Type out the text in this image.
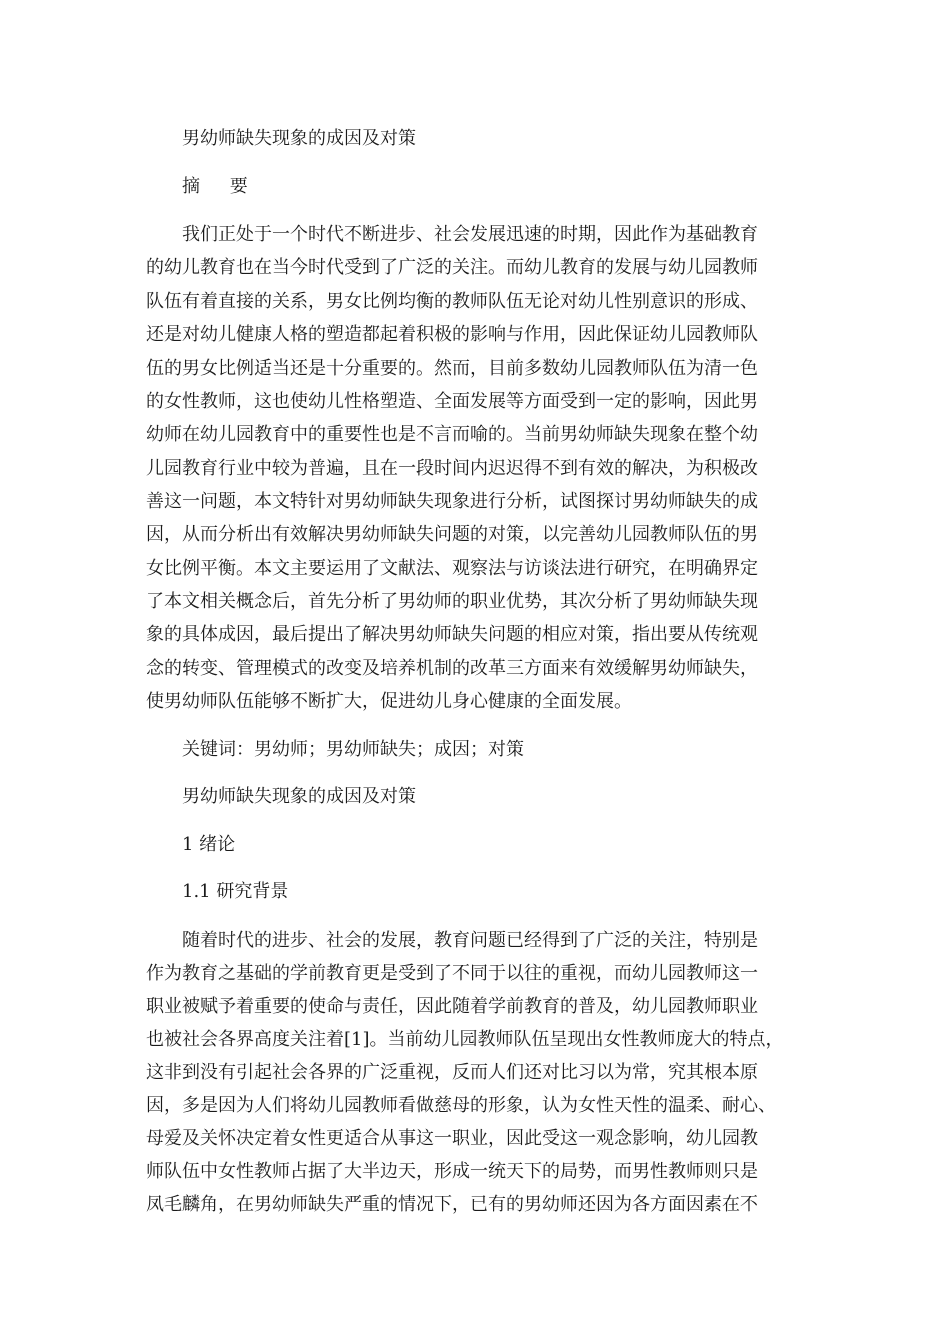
男幼师缺失现象的成因及对策
摘 要
我们正处于一个时代不断进步、社会发展迅速的时期，因此作为基础教育
的幼儿教育也在当今时代受到了广泛的关注。而幼儿教育的发展与幼儿园教师
队伍有着直接的关系，男女比例均衡的教师队伍无论对幼儿性别意识的形成、
还是对幼儿健康人格的塑造都起着积极的影响与作用，因此保证幼儿园教师队
伍的男女比例适当还是十分重要的。然而，目前多数幼儿园教师队伍为清一色
的女性教师，这也使幼儿性格塑造、全面发展等方面受到一定的影响，因此男
幼师在幼儿园教育中的重要性也是不言而喻的。当前男幼师缺失现象在整个幼
儿园教育行业中较为普遍，且在一段时间内迟迟得不到有效的解决，为积极改
善这一问题，本文特针对男幼师缺失现象进行分析，试图探讨男幼师缺失的成
因，从而分析出有效解决男幼师缺失问题的对策，以完善幼儿园教师队伍的男
女比例平衡。本文主要运用了文献法、观察法与访谈法进行研究，在明确界定
了本文相关概念后，首先分析了男幼师的职业优势，其次分析了男幼师缺失现
象的具体成因，最后提出了解决男幼师缺失问题的相应对策，指出要从传统观
念的转变、管理模式的改变及培养机制的改革三方面来有效缓解男幼师缺失，
使男幼师队伍能够不断扩大，促进幼儿身心健康的全面发展。
关键词：男幼师；男幼师缺失；成因；对策
男幼师缺失现象的成因及对策
1 绪论
1.1 研究背景
随着时代的进步、社会的发展，教育问题已经得到了广泛的关注，特别是
作为教育之基础的学前教育更是受到了不同于以往的重视，而幼儿园教师这一
职业被赋予着重要的使命与责任，因此随着学前教育的普及，幼儿园教师职业
也被社会各界高度关注着[1]。当前幼儿园教师队伍呈现出女性教师庞大的特点，
这非到没有引起社会各界的广泛重视，反而人们还对比习以为常，究其根本原
因，多是因为人们将幼儿园教师看做慈母的形象，认为女性天性的温柔、耐心、
母爱及关怀决定着女性更适合从事这一职业，因此受这一观念影响，幼儿园教
师队伍中女性教师占据了大半边天，形成一统天下的局势，而男性教师则只是
凤毛麟角，在男幼师缺失严重的情况下，已有的男幼师还因为各方面因素在不
